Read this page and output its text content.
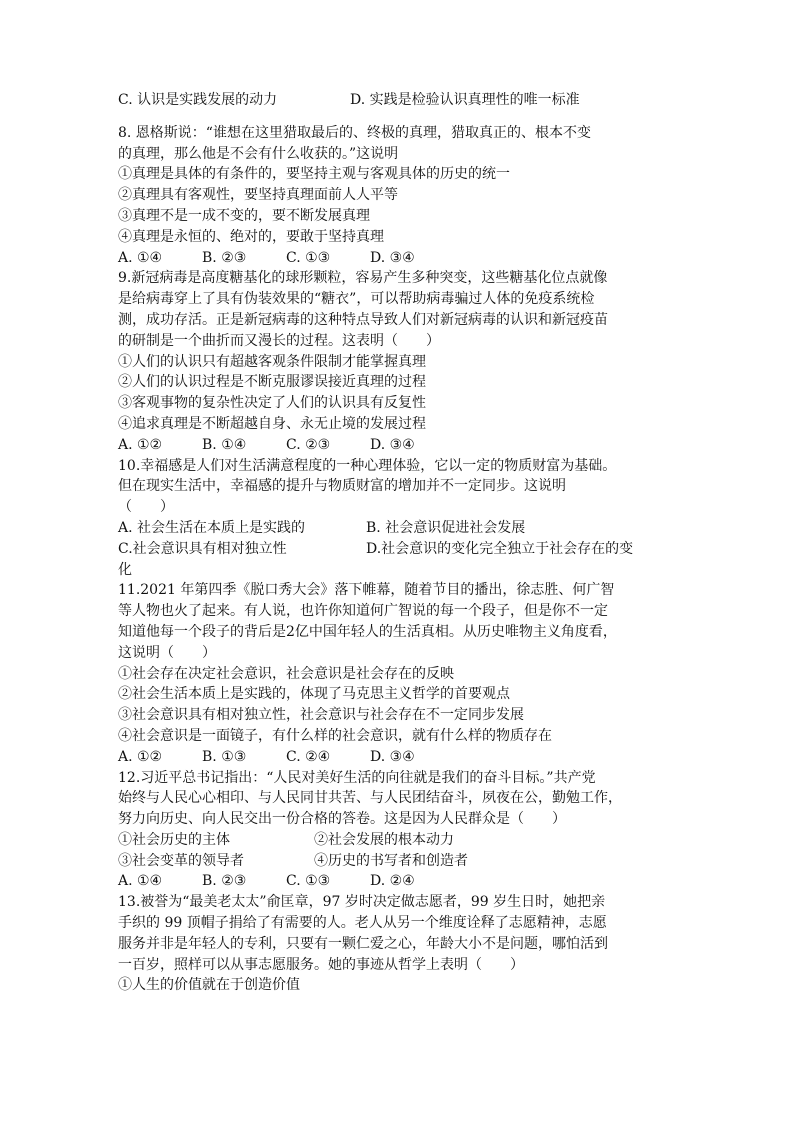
C. 认识是实践发展的动力	D. 实践是检验认识真理性的唯一标准
8. 恩格斯说：“谁想在这里猎取最后的、终极的真理，猎取真正的、根本不变
的真理，那么他是不会有什么收获的。”这说明
①真理是具体的有条件的，要坚持主观与客观具体的历史的统一
②真理具有客观性，要坚持真理面前人人平等
③真理不是一成不变的，要不断发展真理
④真理是永恒的、绝对的，要敢于坚持真理
A. ①④	B. ②③	C. ①③	D. ③④
9.新冠病毒是高度糖基化的球形颗粒，容易产生多种突变，这些糖基化位点就像
是给病毒穿上了具有伪装效果的“糖衣”，可以帮助病毒骗过人体的免疫系统检
测，成功存活。正是新冠病毒的这种特点导致人们对新冠病毒的认识和新冠疫苗
的研制是一个曲折而又漫长的过程。这表明（　　）
①人们的认识只有超越客观条件限制才能掌握真理
②人们的认识过程是不断克服谬误接近真理的过程
③客观事物的复杂性决定了人们的认识具有反复性
④追求真理是不断超越自身、永无止境的发展过程
A. ①②	B. ①④	C. ②③	D. ③④
10.幸福感是人们对生活满意程度的一种心理体验，它以一定的物质财富为基础。
但在现实生活中，幸福感的提升与物质财富的增加并不一定同步。这说明
（　　）
A. 社会生活在本质上是实践的	B. 社会意识促进社会发展
C.社会意识具有相对独立性	D.社会意识的变化完全独立于社会存在的变
化
11.2021 年第四季《脱口秀大会》落下帷幕，随着节目的播出，徐志胜、何广智
等人物也火了起来。有人说，也许你知道何广智说的每一个段子，但是你不一定
知道他每一个段子的背后是2亿中国年轻人的生活真相。从历史唯物主义角度看，
这说明（　　）
①社会存在决定社会意识，社会意识是社会存在的反映
②社会生活本质上是实践的，体现了马克思主义哲学的首要观点
③社会意识具有相对独立性，社会意识与社会存在不一定同步发展
④社会意识是一面镜子，有什么样的社会意识，就有什么样的物质存在
A. ①②	B. ①③	C. ②④	D. ③④
12.习近平总书记指出：“人民对美好生活的向往就是我们的奋斗目标。”共产党
始终与人民心心相印、与人民同甘共苦、与人民团结奋斗，夙夜在公，勤勉工作，
努力向历史、向人民交出一份合格的答卷。这是因为人民群众是（　　）
①社会历史的主体	②社会发展的根本动力
③社会变革的领导者	④历史的书写者和创造者
A. ①④	B. ②③	C. ①③	D. ②④
13.被誉为“最美老太太”俞匡章，97 岁时决定做志愿者，99 岁生日时，她把亲
手织的 99 顶帽子捐给了有需要的人。老人从另一个维度诠释了志愿精神，志愿
服务并非是年轻人的专利，只要有一颗仁爱之心，年龄大小不是问题，哪怕活到
一百岁，照样可以从事志愿服务。她的事迹从哲学上表明（　　）
①人生的价值就在于创造价值
